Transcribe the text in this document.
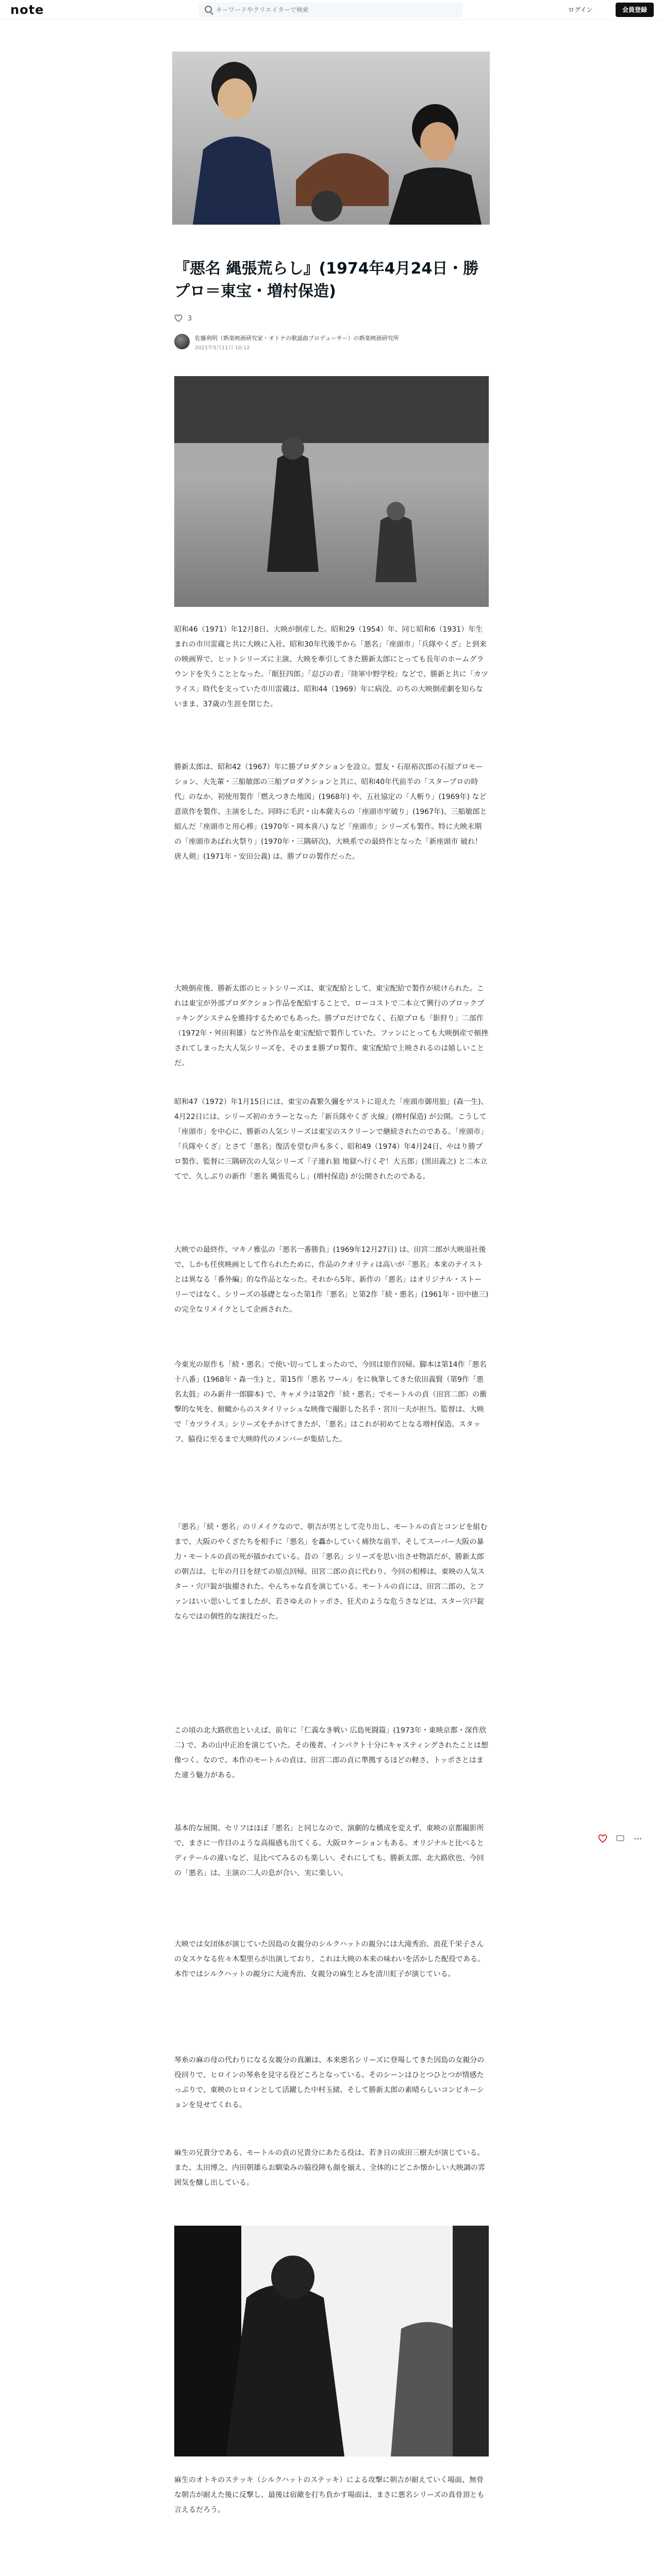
note
キーワードやクリエイターで検索	ログイン	会員登録
『悪名 縄張荒らし』(1974年4月24日・勝プロ＝東宝・増村保造)
3
佐藤利明（娯楽映画研究家・オトナの歌謡曲プロデューサー）の娯楽映画研究所
2021年5月11日 10:12

昭和46（1971）年12月8日、大映が倒産した。昭和29（1954）年、同じ昭和6（1931）年生まれの市川雷蔵と共に大映に入社、昭和30年代後半から「悪名」「座頭市」「兵隊やくざ」と到来の映画界で、ヒットシリーズに主演、大映を牽引してきた勝新太郎にとっても長年のホームグラウンドを失うこととなった。「眠狂四郎」「忍びの者」「陸軍中野学校」などで、勝新と共に「カツライス」時代を支っていた市川雷蔵は、昭和44（1969）年に病没。のちの大映倒産劇を知らないまま、37歳の生涯を閉じた。

勝新太郎は、昭和42（1967）年に勝プロダクションを設立。盟友・石原裕次郎の石原プロモーション、大先輩・三船敏郎の三船プロダクションと共に、昭和40年代前半の「スタープロの時代」のなか、初使用製作「燃えつきた地図」(1968年) や、五社協定の「人斬り」(1969年) など意欲作を製作、主演をした。同時に毛沢・山本薩夫らの「座頭市牢破り」(1967年)、三船敏郎と組んだ「座頭市と用心棒」(1970年・岡本喜八) など「座頭市」シリーズも製作。特に大映末期の「座頭市あばれ火祭り」(1970年・三隅研次)、大映系での最終作となった「新座頭市 破れ！唐人剣」(1971年・安田公義) は、勝プロの製作だった。

大映倒産後、勝新太郎のヒットシリーズは、東宝配給として、東宝配給で製作が続けられた。これは東宝が外部プロダクション作品を配給することで、ローコストで二本立て興行のブロックブッキングシステムを維持するためでもあった。勝プロだけでなく、石原プロも「影狩り」二部作（1972年・舛田利雄）など外作品を東宝配給で製作していた。ファンにとっても大映倒産で頓挫されてしまった大人気シリーズを、そのまま勝プロ製作、東宝配給で上映されるのは嬉しいことだ。

昭和47（1972）年1月15日には、東宝の森繁久彌をゲストに迎えた「座頭市御用旅」(森一生)、4月22日には、シリーズ初のカラーとなった「新兵隊やくざ 火線」(増村保造) が公開。こうして「座頭市」を中心に、勝新の人気シリーズは東宝のスクリーンで継続されたのである。「座頭市」「兵隊やくざ」とさて「悪名」復活を望む声も多く、昭和49（1974）年4月24日、やはり勝プロ製作、監督に三隅研次の人気シリーズ「子連れ狼 地獄へ行くぞ！大五郎」(黒田義之) と二本立てで、久しぶりの新作「悪名 縄張荒らし」(増村保造) が公開されたのである。

大映での最終作、マキノ雅弘の「悪名一番勝負」(1969年12月27日) は、田宮二郎が大映退社後で、しかも任侠映画として作られたために、作品のクオリティは高いが「悪名」本来のテイストとは異なる「番外編」的な作品となった。それから5年、新作の「悪名」はオリジナル・ストーリーではなく、シリーズの基礎となった第1作「悪名」と第2作「続・悪名」(1961年・田中徳三) の完全なリメイクとして企画された。

今東光の原作も「続・悪名」で使い切ってしまったので、今回は原作回帰。脚本は第14作「悪名十八番」(1968年・森一生) と、第15作「悪名 ワール」をに執筆してきた依田義賢（第9作「悪名太鼓」のみ新井一郎脚本) で、キャメラは第2作「続・悪名」でモートルの貞（田宮二郎）の衝撃的な死を、俯瞰からのスタイリッシュな映像で撮影した名手・宮川一夫が担当。監督は、大映で「カツライス」シリーズをチかけてきたが、「悪名」はこれが初めてとなる増村保造。スタッフ、脇役に至るまで大映時代のメンバーが集結した。

「悪名」「続・悪名」のリメイクなので、朝吉が男として売り出し、モートルの貞とコンビを組むまで、大阪のやくざたちを相手に「悪名」を轟かしていく痛快な前半、そしてスーパー大阪の暴力・モートルの貞の死が描かれている。昔の「悪名」シリーズを思い出させ物語だが、勝新太郎の朝吉は、七年の月日を経ての原点回帰。田宮二郎の貞に代わり、今回の相棒は、東映の人気スター・宍戸錠が抜擢された。やんちゃな貞を演じている。モートルの貞には、田宮二郎の、とファンはいい思いしてましたが、若さゆえのトッポさ、狂犬のような危うさなどは、スター宍戸錠ならではの個性的な演技だった。

この頃の北大路欣也といえば、前年に「仁義なき戦い 広島死闘篇」(1973年・東映京都・深作欣二) で、あの山中正治を演じていた。その後者、インパクト十分にキャスティングされたことは想像つく。なので、本作のモートルの貞は、田宮二郎の貞に準拠するほどの軽さ、トッポさとはまた違う魅力がある。

基本的な展開、セリフはほぼ「悪名」と同じなので、演劇的な構成を変えず、東映の京都撮影所で、まさに一作目のような高揚感も出てくる。大阪ロケーションもある。オリジナルと比べるとディテールの違いなど、見比べてみるのも楽しい。それにしても、勝新太郎、北大路欣也、今回の「悪名」は、主演の二人の息が合い、実に楽しい。

大映では女団体が演じていた因島の女親分のシルクハットの親分には大滝秀治、浪花千栄子さんの女スケなる佐々木梨里らが出演しており、これは大映の本来の味わいを活かした配役である。本作ではシルクハットの親分に大滝秀治、女親分の麻生とみを清川虹子が演じている。

琴糸の麻の母の代わりになる女親分の真瀬は、本来悪名シリーズに登場してきた因島の女親分の役回りで、ヒロインの琴糸を見守る役どころとなっている。そのシーンはひとつひとつが情感たっぷりで、東映のヒロインとして活躍した中村玉緒、そして勝新太郎の素晴らしいコンビネーションを見せてくれる。

麻生の兄貴分である、モートルの貞の兄貴分にあたる役は、若き日の成田三樹夫が演じている。また、太田博之、内田朝雄らお馴染みの脇役陣も顔を揃え、全体的にどこか懐かしい大映調の雰囲気を醸し出している。

麻生のオトキのステッキ（シルクハットのステッキ）による攻撃に朝吉が耐えていく場面、無骨な朝吉が耐えた後に反撃し、最後は宿敵を打ち負かす場面は、まさに悪名シリーズの真骨頂とも言えるだろう。
